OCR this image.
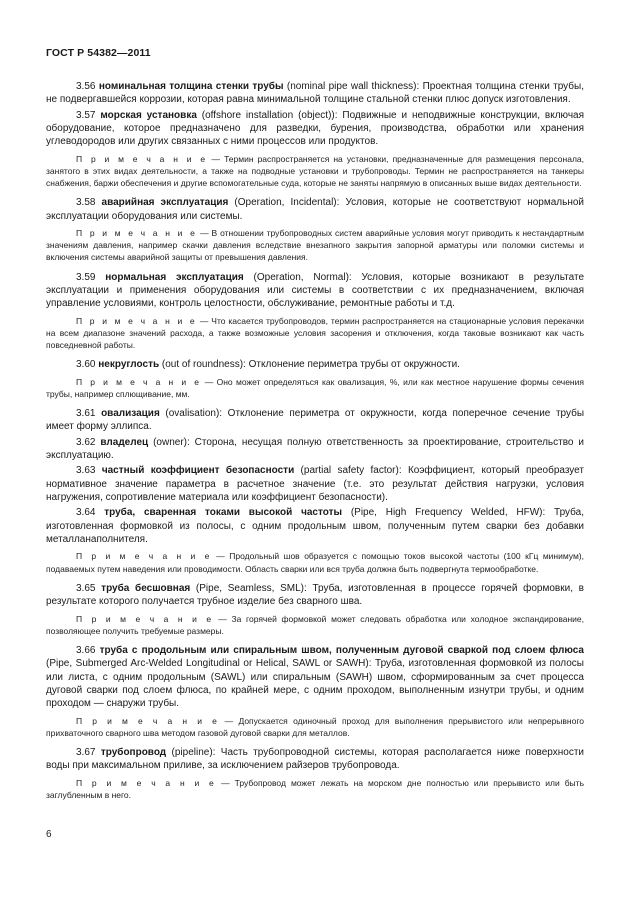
ГОСТ Р 54382—2011

3.56 номинальная толщина стенки трубы (nominal pipe wall thickness): Проектная толщина стенки трубы, не подвергавшейся коррозии, которая равна минимальной толщине стальной стенки плюс допуск изготовления.

3.57 морская установка (offshore installation (object)): Подвижные и неподвижные конструкции, включая оборудование, которое предназначено для разведки, бурения, производства, обработки или хранения углеводородов или других связанных с ними процессов или продуктов.

П р и м е ч а н и е — Термин распространяется на установки, предназначенные для размещения персонала, занятого в этих видах деятельности, а также на подводные установки и трубопроводы. Термин не распространяется на танкеры снабжения, баржи обеспечения и другие вспомогательные суда, которые не заняты напрямую в описанных выше видах деятельности.

3.58 аварийная эксплуатация (Operation, Incidental): Условия, которые не соответствуют нормальной эксплуатации оборудования или системы.

П р и м е ч а н и е — В отношении трубопроводных систем аварийные условия могут приводить к нестандартным значениям давления, например скачки давления вследствие внезапного закрытия запорной арматуры или поломки системы и включения системы аварийной защиты от превышения давления.

3.59 нормальная эксплуатация (Operation, Normal): Условия, которые возникают в результате эксплуатации и применения оборудования или системы в соответствии с их предназначением, включая управление условиями, контроль целостности, обслуживание, ремонтные работы и т.д.

П р и м е ч а н и е — Что касается трубопроводов, термин распространяется на стационарные условия перекачки на всем диапазоне значений расхода, а также возможные условия засорения и отключения, когда таковые возникают как часть повседневной работы.

3.60 некруглость (out of roundness): Отклонение периметра трубы от окружности.

П р и м е ч а н и е — Оно может определяться как овализация, %, или как местное нарушение формы сечения трубы, например сплющивание, мм.

3.61 овализация (ovalisation): Отклонение периметра от окружности, когда поперечное сечение трубы имеет форму эллипса.

3.62 владелец (owner): Сторона, несущая полную ответственность за проектирование, строительство и эксплуатацию.

3.63 частный коэффициент безопасности (partial safety factor): Коэффициент, который преобразует нормативное значение параметра в расчетное значение (т.е. это результат действия нагрузки, условия нагружения, сопротивление материала или коэффициент безопасности).

3.64 труба, сваренная токами высокой частоты (Pipe, High Frequency Welded, HFW): Труба, изготовленная формовкой из полосы, с одним продольным швом, полученным путем сварки без добавки металланаполнителя.

П р и м е ч а н и е — Продольный шов образуется с помощью токов высокой частоты (100 кГц минимум), подаваемых путем наведения или проводимости. Область сварки или вся труба должна быть подвергнута термообработке.

3.65 труба бесшовная (Pipe, Seamless, SML): Труба, изготовленная в процессе горячей формовки, в результате которого получается трубное изделие без сварного шва.

П р и м е ч а н и е — За горячей формовкой может следовать обработка или холодное экспандирование, позволяющее получить требуемые размеры.

3.66 труба с продольным или спиральным швом, полученным дуговой сваркой под слоем флюса (Pipe, Submerged Arc-Welded Longitudinal or Helical, SAWL or SAWH): Труба, изготовленная формовкой из полосы или листа, с одним продольным (SAWL) или спиральным (SAWH) швом, сформированным за счет процесса дуговой сварки под слоем флюса, по крайней мере, с одним проходом, выполненным изнутри трубы, и одним проходом — снаружи трубы.

П р и м е ч а н и е — Допускается одиночный проход для выполнения прерывистого или непрерывного прихваточного сварного шва методом газовой дуговой сварки для металлов.

3.67 трубопровод (pipeline): Часть трубопроводной системы, которая располагается ниже поверхности воды при максимальном приливе, за исключением райзеров трубопровода.

П р и м е ч а н и е — Трубопровод может лежать на морском дне полностью или прерывисто или быть заглубленным в него.

6
